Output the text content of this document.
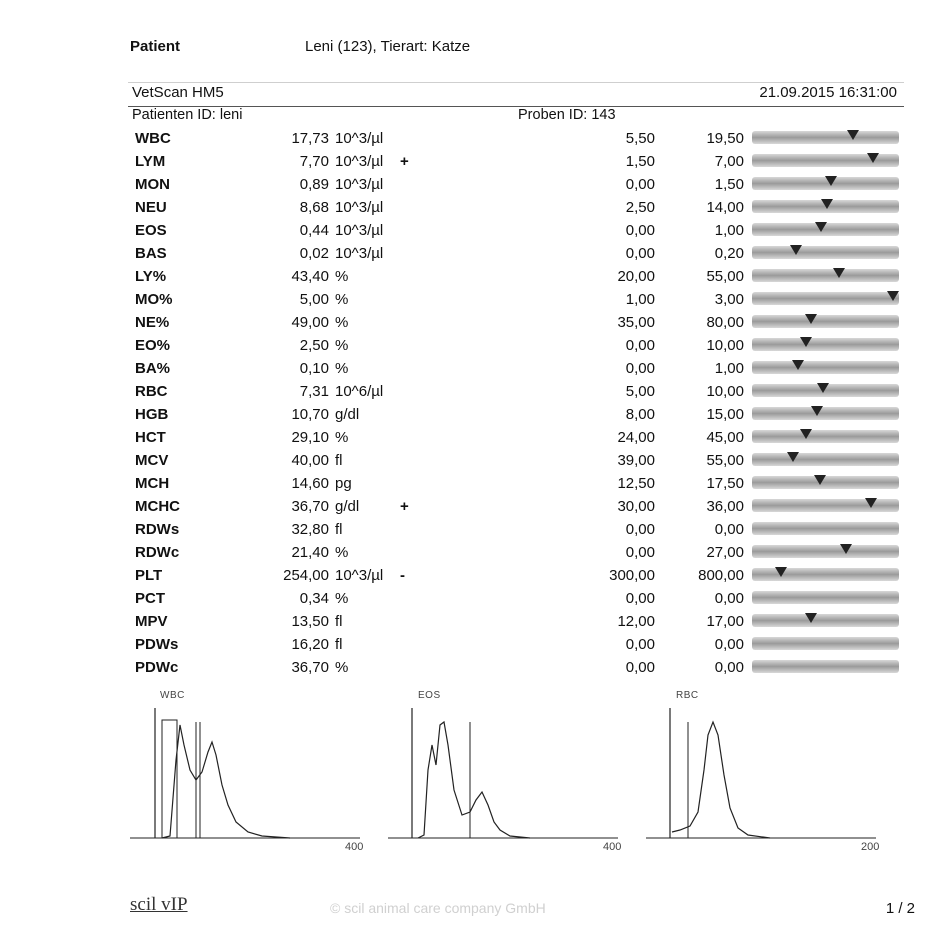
Patient	Leni (123), Tierart: Katze
VetScan HM5	21.09.2015 16:31:00
Patienten ID: leni	Proben ID: 143
WBC	17,73 10^3/µl	5,50	19,50
LYM	7,70 10^3/µl +	1,50	7,00
MON	0,89 10^3/µl	0,00	1,50
NEU	8,68 10^3/µl	2,50	14,00
EOS	0,44 10^3/µl	0,00	1,00
BAS	0,02 10^3/µl	0,00	0,20
LY%	43,40 %	20,00	55,00
MO%	5,00 %	1,00	3,00
NE%	49,00 %	35,00	80,00
EO%	2,50 %	0,00	10,00
BA%	0,10 %	0,00	1,00
RBC	7,31 10^6/µl	5,00	10,00
HGB	10,70 g/dl	8,00	15,00
HCT	29,10 %	24,00	45,00
MCV	40,00 fl	39,00	55,00
MCH	14,60 pg	12,50	17,50
MCHC	36,70 g/dl	+	30,00	36,00
RDWs	32,80 fl	0,00	0,00
RDWc	21,40 %	0,00	27,00
PLT	254,00 10^3/µl -	300,00	800,00
PCT	0,34 %	0,00	0,00
MPV	13,50 fl	12,00	17,00
PDWs	16,20 fl	0,00	0,00
PDWc	36,70 %	0,00	0,00
WBC	EOS	RBC
400	400	200
scil vIP	© scil animal care company GmbH	1 / 2
